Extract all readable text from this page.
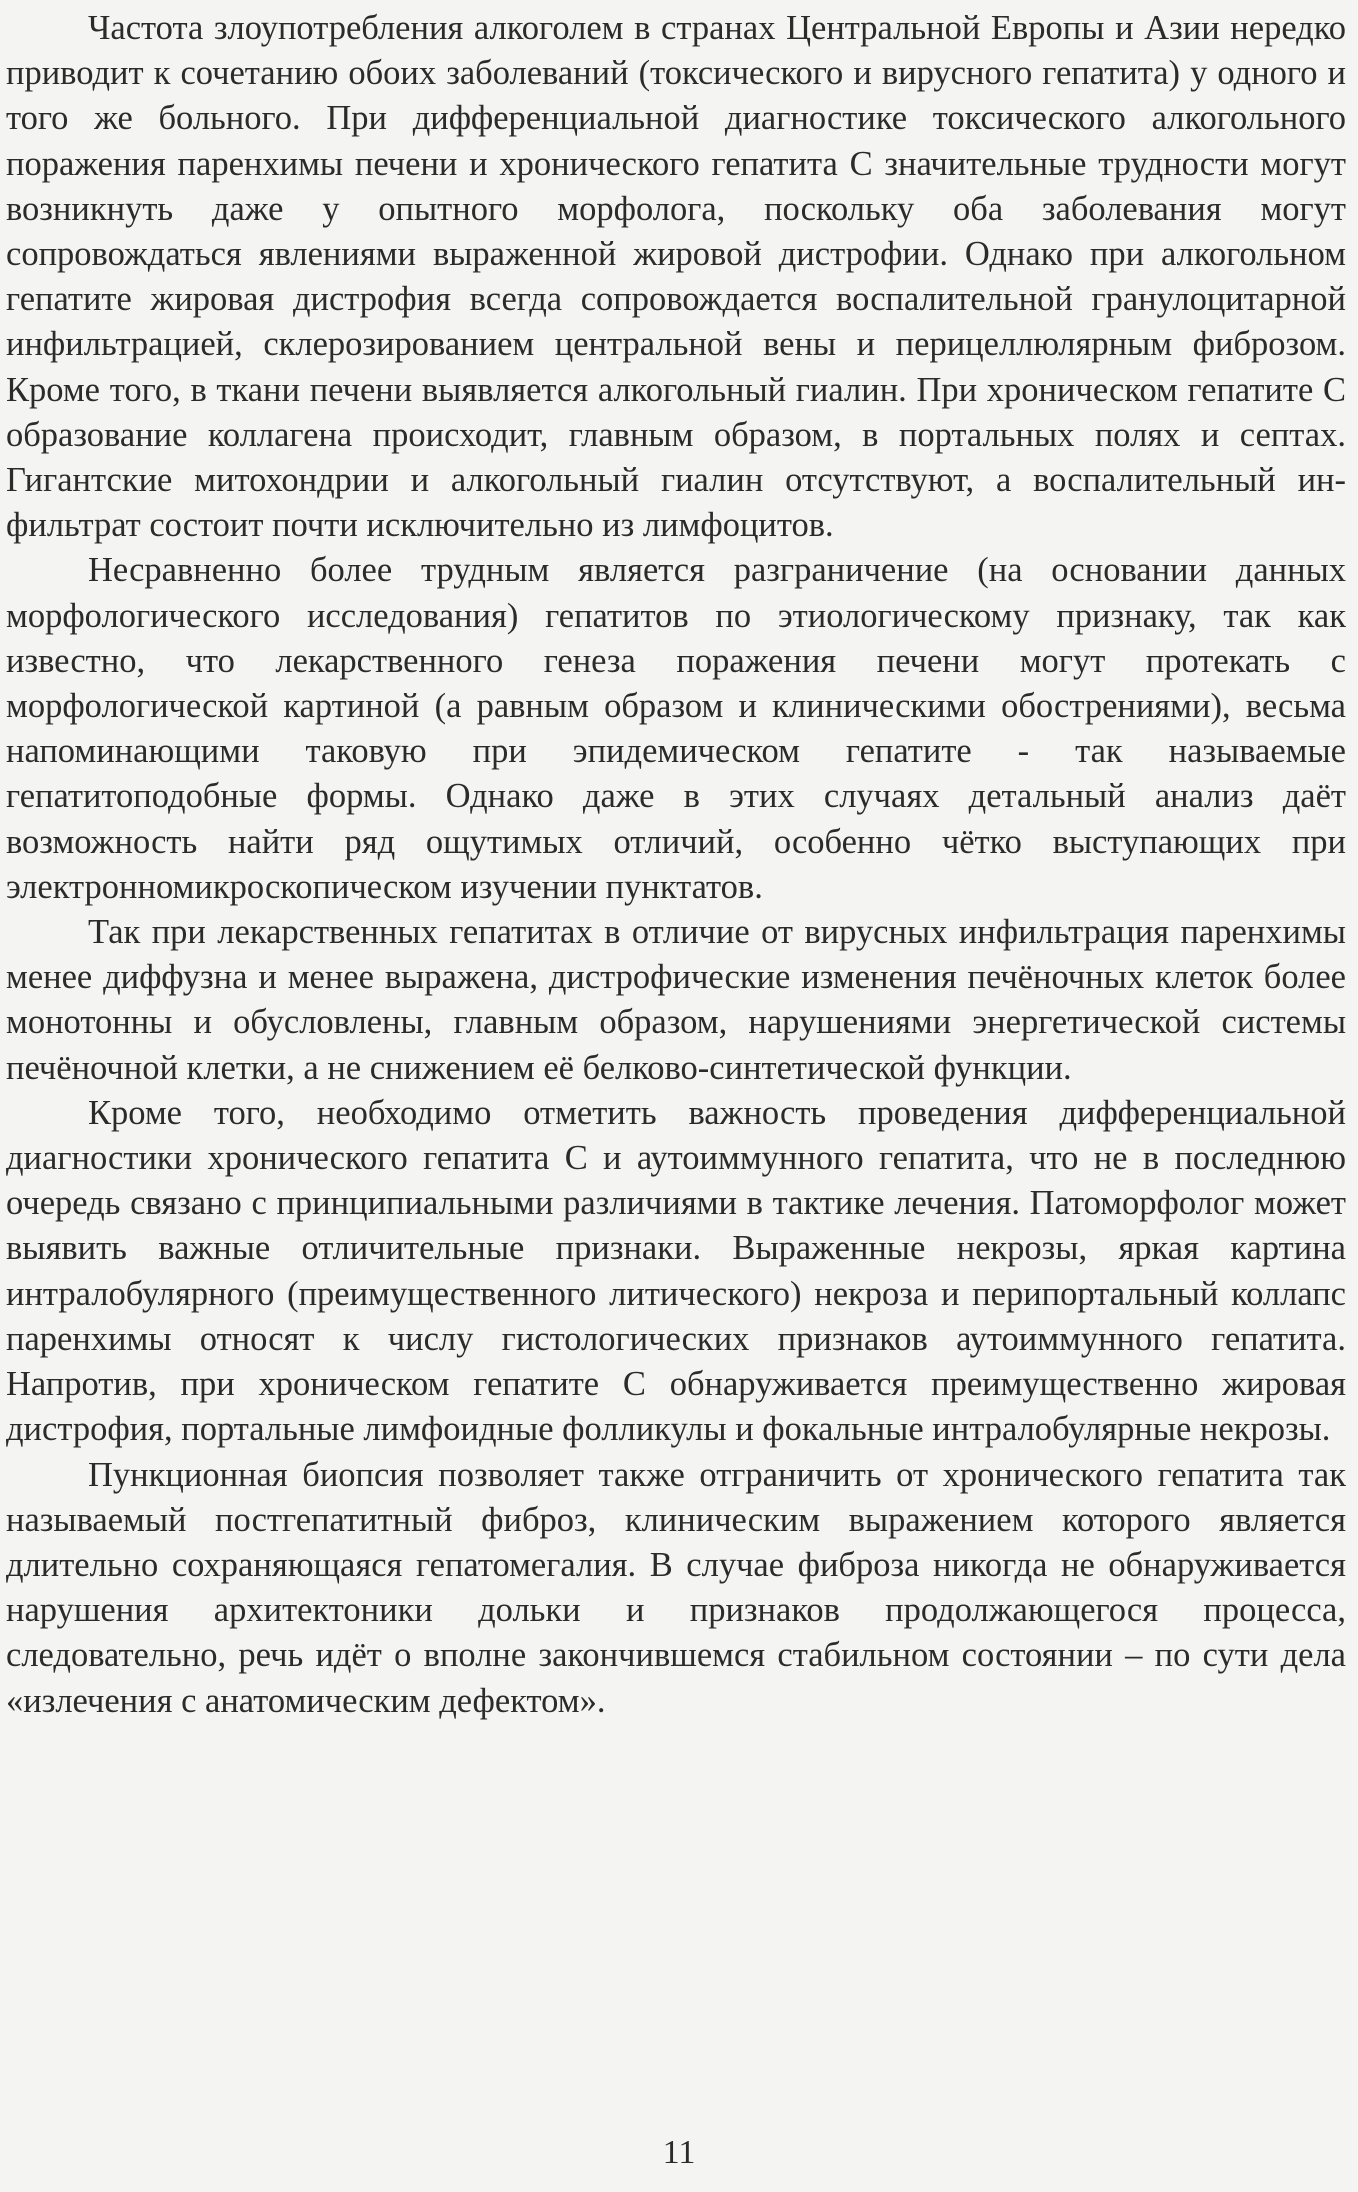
Частота злоупотребления алкоголем в странах Центральной Европы и Азии нередко приводит к сочетанию обоих заболеваний (токсического и вирусного гепатита) у одного и того же больного. При дифференциальной диагностике токсического алкогольного поражения паренхимы печени и хронического гепатита С значительные трудности могут возникнуть даже у опытного морфолога, поскольку оба заболевания могут сопровождаться явлениями выраженной жировой дистрофии. Однако при алкогольном гепатите жировая дистрофия всегда сопровождается воспалительной гранулоцитарной инфильтрацией, склерозированием центральной вены и перицеллюлярным фиброзом. Кроме того, в ткани печени выявляется алкогольный гиалин. При хроническом гепатите С образование коллагена происходит, главным образом, в портальных полях и септах. Гигантские митохондрии и алкогольный гиалин отсутствуют, а воспалительный инфильтрат состоит почти исключительно из лимфоцитов.

Несравненно более трудным является разграничение (на основании данных морфологического исследования) гепатитов по этиологическому признаку, так как известно, что лекарственного генеза поражения печени могут протекать с морфологической картиной (а равным образом и клиническими обострениями), весьма напоминающими таковую при эпидемическом гепатите - так называемые гепатитоподобные формы. Однако даже в этих случаях детальный анализ даёт возможность найти ряд ощутимых отличий, особенно чётко выступающих при электронномикроскопическом изучении пунктатов.

Так при лекарственных гепатитах в отличие от вирусных инфильтрация паренхимы менее диффузна и менее выражена, дистрофические изменения печёночных клеток более монотонны и обусловлены, главным образом, нарушениями энергетической системы печёночной клетки, а не снижением её белково-синтетической функции.

Кроме того, необходимо отметить важность проведения дифференциальной диагностики хронического гепатита С и аутоиммунного гепатита, что не в последнюю очередь связано с принципиальными различиями в тактике лечения. Патоморфолог может выявить важные отличительные признаки. Выраженные некрозы, яркая картина интралобулярного (преимущественного литического) некроза и перипортальный коллапс паренхимы относят к числу гистологических признаков аутоиммунного гепатита. Напротив, при хроническом гепатите С обнаруживается преимущественно жировая дистрофия, портальные лимфоидные фолликулы и фокальные интралобулярные некрозы.

Пункционная биопсия позволяет также отграничить от хронического гепатита так называемый постгепатитный фиброз, клиническим выражением которого является длительно сохраняющаяся гепатомегалия. В случае фиброза никогда не обнаруживается нарушения архитектоники дольки и признаков продолжающегося процесса, следовательно, речь идёт о вполне закончившемся стабильном состоянии – по сути дела «излечения с анатомическим дефектом».

11
